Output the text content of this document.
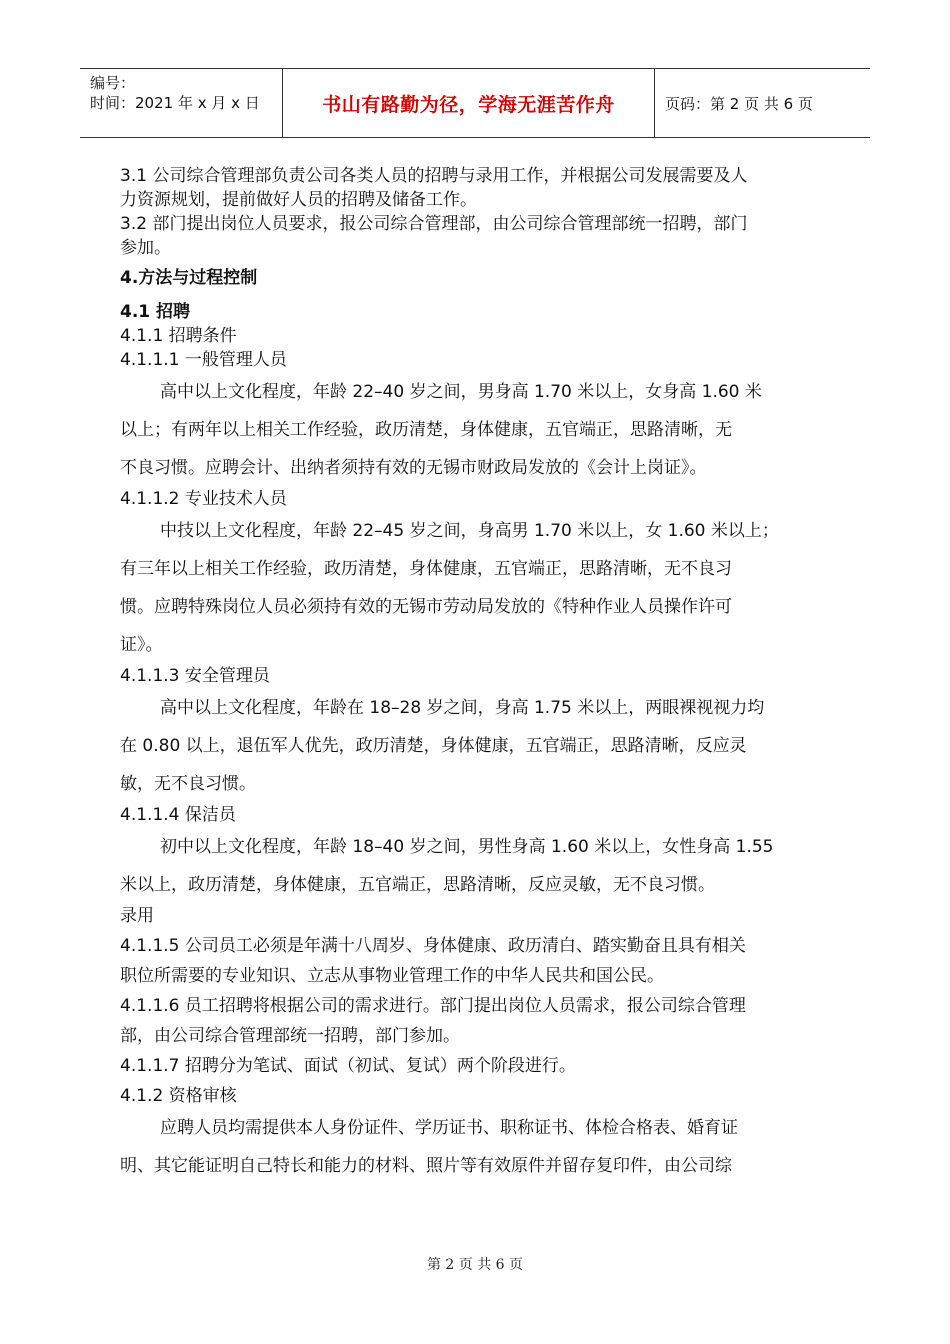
编号：
时间：2021 年 x 月 x 日	书山有路勤为径，学海无涯苦作舟	页码：第 2 页 共 6 页

3.1 公司综合管理部负责公司各类人员的招聘与录用工作，并根据公司发展需要及人

力资源规划，提前做好人员的招聘及储备工作。

3.2 部门提出岗位人员要求，报公司综合管理部，由公司综合管理部统一招聘，部门

参加。

4.方法与过程控制

4.1 招聘

4.1.1 招聘条件

4.1.1.1 一般管理人员

高中以上文化程度，年龄 22–40 岁之间，男身高 1.70 米以上，女身高 1.60 米
以上；有两年以上相关工作经验，政历清楚，身体健康，五官端正，思路清晰，无
不良习惯。应聘会计、出纳者须持有效的无锡市财政局发放的《会计上岗证》。

4.1.1.2 专业技术人员

中技以上文化程度，年龄 22–45 岁之间，身高男 1.70 米以上，女 1.60 米以上；
有三年以上相关工作经验，政历清楚，身体健康，五官端正，思路清晰，无不良习
惯。应聘特殊岗位人员必须持有效的无锡市劳动局发放的《特种作业人员操作许可
证》。

4.1.1.3 安全管理员

高中以上文化程度，年龄在 18–28 岁之间，身高 1.75 米以上，两眼裸视视力均
在 0.80 以上，退伍军人优先，政历清楚，身体健康，五官端正，思路清晰，反应灵
敏，无不良习惯。

4.1.1.4 保洁员

初中以上文化程度，年龄 18–40 岁之间，男性身高 1.60 米以上，女性身高 1.55
米以上，政历清楚，身体健康，五官端正，思路清晰，反应灵敏，无不良习惯。

录用

4.1.1.5 公司员工必须是年满十八周岁、身体健康、政历清白、踏实勤奋且具有相关

职位所需要的专业知识、立志从事物业管理工作的中华人民共和国公民。

4.1.1.6 员工招聘将根据公司的需求进行。部门提出岗位人员需求，报公司综合管理

部，由公司综合管理部统一招聘，部门参加。

4.1.1.7 招聘分为笔试、面试（初试、复试）两个阶段进行。

4.1.2 资格审核

应聘人员均需提供本人身份证件、学历证书、职称证书、体检合格表、婚育证
明、其它能证明自己特长和能力的材料、照片等有效原件并留存复印件，由公司综
第 2 页 共 6 页
